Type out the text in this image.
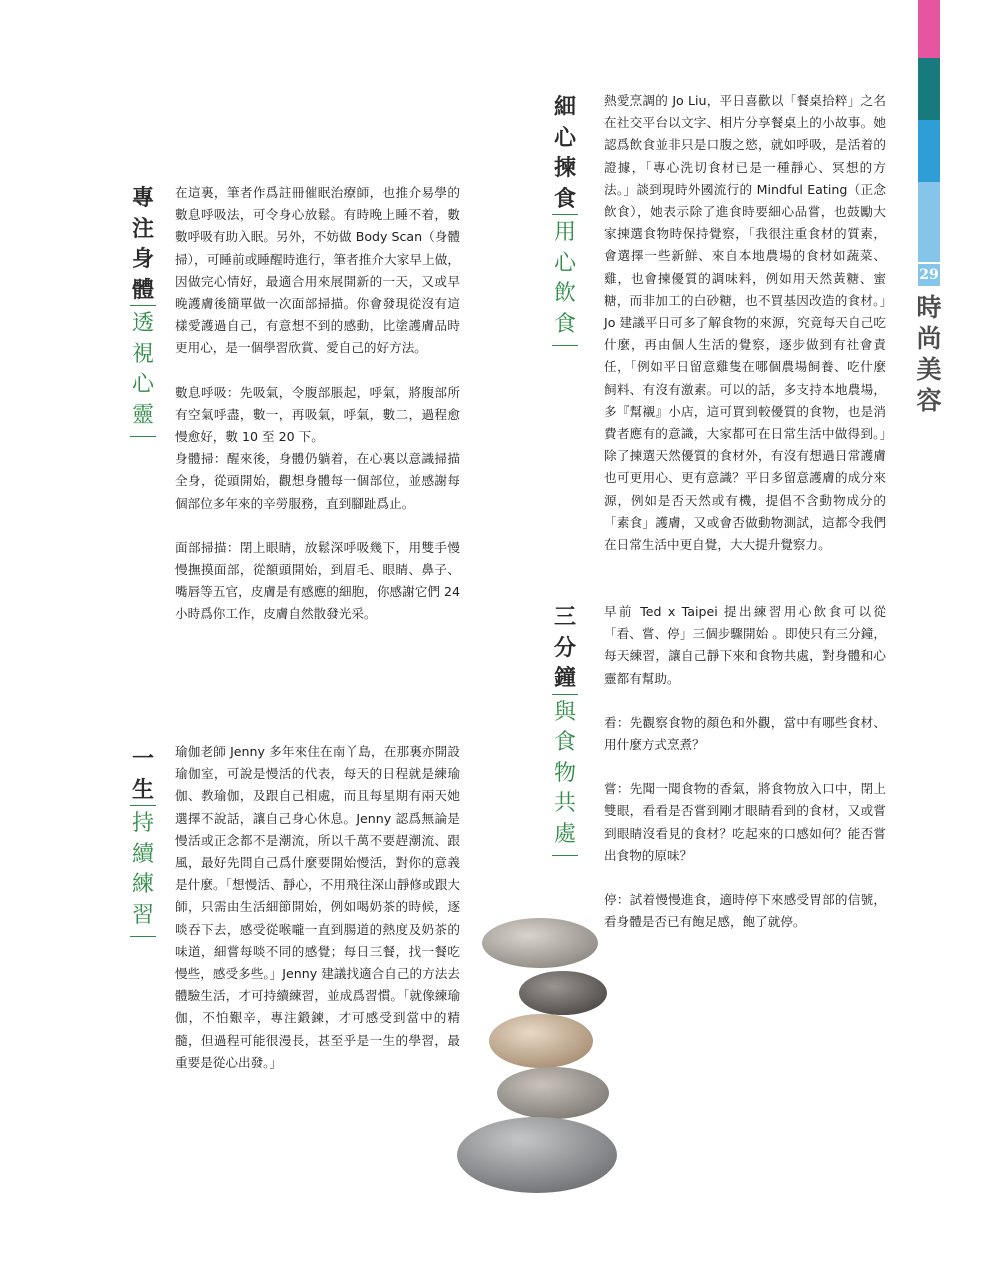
29
時
尚
美
容
專
注
身
體
透
視
心
靈
一
生
持
續
練
習
細
心
揀
食
用
心
飲
食
三
分
鐘
與
食
物
共
處

在這裏，筆者作爲註冊催眠治療師，也推介易學的數息呼吸法，可令身心放鬆。有時晚上睡不着，數數呼吸有助入眠。另外，不妨做 Body Scan（身體掃），可睡前或睡醒時進行，筆者推介大家早上做，因做完心情好，最適合用來展開新的一天，又或早晚護膚後簡單做一次面部掃描。你會發現從沒有這樣愛護過自己，有意想不到的感動，比塗護膚品時更用心，是一個學習欣賞、愛自己的好方法。

數息呼吸：先吸氣，令腹部脹起，呼氣，將腹部所有空氣呼盡，數一，再吸氣，呼氣，數二，過程愈慢愈好，數 10 至 20 下。

身體掃：醒來後，身體仍躺着，在心裏以意識掃描全身，從頭開始，觀想身體每一個部位，並感謝每個部位多年來的辛勞服務，直到腳趾爲止。

面部掃描：閉上眼睛，放鬆深呼吸幾下，用雙手慢慢撫摸面部，從額頭開始，到眉毛、眼睛、鼻子、嘴唇等五官，皮膚是有感應的細胞，你感謝它們 24 小時爲你工作，皮膚自然散發光采。

瑜伽老師 Jenny 多年來住在南丫島，在那裏亦開設瑜伽室，可說是慢活的代表，每天的日程就是練瑜伽、教瑜伽，及跟自己相處，而且每星期有兩天她選擇不說話，讓自己身心休息。Jenny 認爲無論是慢活或正念都不是潮流，所以千萬不要趕潮流、跟風，最好先問自己爲什麼要開始慢活，對你的意義是什麼。「想慢活、靜心，不用飛往深山靜修或跟大師，只需由生活細節開始，例如喝奶茶的時候，逐啖吞下去，感受從喉嚨一直到腸道的熱度及奶茶的味道，細嘗每啖不同的感覺；每日三餐，找一餐吃慢些，感受多些。」Jenny 建議找適合自己的方法去體驗生活，才可持續練習，並成爲習慣。「就像練瑜伽，不怕艱辛，專注鍛鍊，才可感受到當中的精髓，但過程可能很漫長，甚至乎是一生的學習，最重要是從心出發。」

熱愛烹調的 Jo Liu，平日喜歡以「餐桌拾粹」之名在社交平台以文字、相片分享餐桌上的小故事。她認爲飲食並非只是口腹之慾，就如呼吸，是活着的證據，「專心洗切食材已是一種靜心、冥想的方法。」談到現時外國流行的 Mindful Eating（正念飲食），她表示除了進食時要細心品嘗，也鼓勵大家揀選食物時保持覺察，「我很注重食材的質素，會選擇一些新鮮、來自本地農場的食材如蔬菜、雞，也會揀優質的調味料，例如用天然黃糖、蜜糖，而非加工的白砂糖，也不買基因改造的食材。」Jo 建議平日可多了解食物的來源，究竟每天自己吃什麼，再由個人生活的覺察，逐步做到有社會責任，「例如平日留意雞隻在哪個農場飼養、吃什麼飼料、有沒有激素。可以的話，多支持本地農場，多『幫襯』小店，這可買到較優質的食物，也是消費者應有的意識，大家都可在日常生活中做得到。」除了揀選天然優質的食材外，有沒有想過日常護膚也可更用心、更有意識？平日多留意護膚的成分來源，例如是否天然或有機，提倡不含動物成分的「素食」護膚，又或會否做動物測試，這都令我們在日常生活中更自覺，大大提升覺察力。

早前 Ted x Taipei 提出練習用心飲食可以從「看、嘗、停」三個步驟開始 。即使只有三分鐘，每天練習，讓自己靜下來和食物共處，對身體和心靈都有幫助。

看：先觀察食物的顏色和外觀，當中有哪些食材、用什麼方式烹煮？

嘗：先聞一聞食物的香氣，將食物放入口中，閉上雙眼，看看是否嘗到剛才眼睛看到的食材，又或嘗到眼睛沒看見的食材？吃起來的口感如何？能否嘗出食物的原味？

停：試着慢慢進食，適時停下來感受胃部的信號，看身體是否已有飽足感，飽了就停。
